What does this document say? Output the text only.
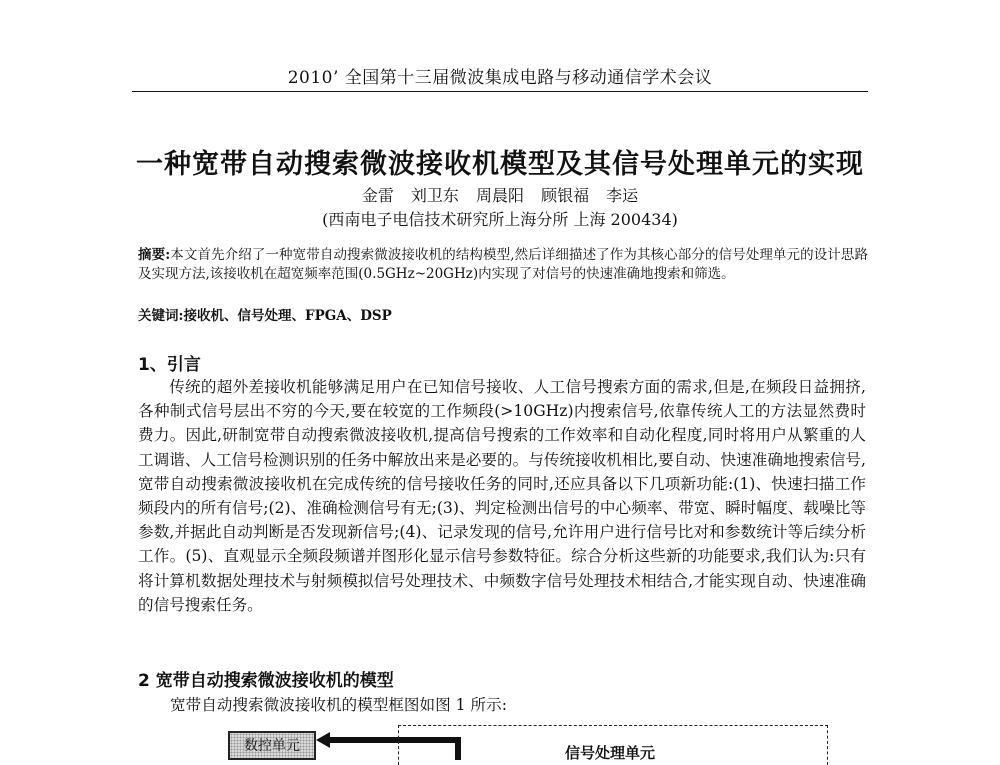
2010’ 全国第十三届微波集成电路与移动通信学术会议
一种宽带自动搜索微波接收机模型及其信号处理单元的实现
金雷 刘卫东 周晨阳 顾银福 李运
(西南电子电信技术研究所上海分所 上海 200434)

摘要:本文首先介绍了一种宽带自动搜索微波接收机的结构模型,然后详细描述了作为其核心部分的信号处理单元的设计思路及实现方法,该接收机在超宽频率范围(0.5GHz~20GHz)内实现了对信号的快速准确地搜索和筛选。

关键词:接收机、信号处理、FPGA、DSP

1、引言

传统的超外差接收机能够满足用户在已知信号接收、人工信号搜索方面的需求,但是,在频段日益拥挤,各种制式信号层出不穷的今天,要在较宽的工作频段(>10GHz)内搜索信号,依靠传统人工的方法显然费时费力。因此,研制宽带自动搜索微波接收机,提高信号搜索的工作效率和自动化程度,同时将用户从繁重的人工调谐、人工信号检测识别的任务中解放出来是必要的。与传统接收机相比,要自动、快速准确地搜索信号,宽带自动搜索微波接收机在完成传统的信号接收任务的同时,还应具备以下几项新功能:(1)、快速扫描工作频段内的所有信号;(2)、准确检测信号有无;(3)、判定检测出信号的中心频率、带宽、瞬时幅度、载噪比等参数,并据此自动判断是否发现新信号;(4)、记录发现的信号,允许用户进行信号比对和参数统计等后续分析工作。(5)、直观显示全频段频谱并图形化显示信号参数特征。综合分析这些新的功能要求,我们认为:只有将计算机数据处理技术与射频模拟信号处理技术、中频数字信号处理技术相结合,才能实现自动、快速准确的信号搜索任务。

2 宽带自动搜索微波接收机的模型

宽带自动搜索微波接收机的模型框图如图 1 所示:

数控单元	信号处理单元
